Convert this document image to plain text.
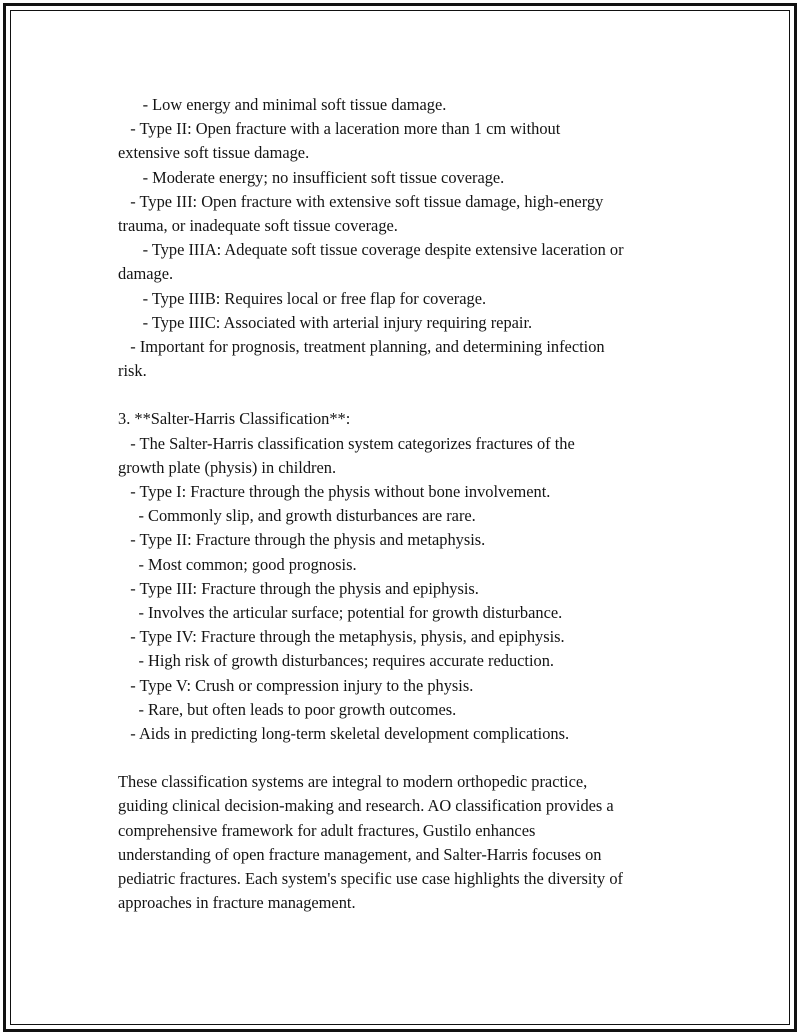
- Low energy and minimal soft tissue damage.
- Type II: Open fracture with a laceration more than 1 cm without
extensive soft tissue damage.
- Moderate energy; no insufficient soft tissue coverage.
- Type III: Open fracture with extensive soft tissue damage, high-energy
trauma, or inadequate soft tissue coverage.
- Type IIIA: Adequate soft tissue coverage despite extensive laceration or
damage.
- Type IIIB: Requires local or free flap for coverage.
- Type IIIC: Associated with arterial injury requiring repair.
- Important for prognosis, treatment planning, and determining infection
risk.
3. **Salter-Harris Classification**:
- The Salter-Harris classification system categorizes fractures of the
growth plate (physis) in children.
- Type I: Fracture through the physis without bone involvement.
- Commonly slip, and growth disturbances are rare.
- Type II: Fracture through the physis and metaphysis.
- Most common; good prognosis.
- Type III: Fracture through the physis and epiphysis.
- Involves the articular surface; potential for growth disturbance.
- Type IV: Fracture through the metaphysis, physis, and epiphysis.
- High risk of growth disturbances; requires accurate reduction.
- Type V: Crush or compression injury to the physis.
- Rare, but often leads to poor growth outcomes.
- Aids in predicting long-term skeletal development complications.
These classification systems are integral to modern orthopedic practice,
guiding clinical decision-making and research. AO classification provides a
comprehensive framework for adult fractures, Gustilo enhances
understanding of open fracture management, and Salter-Harris focuses on
pediatric fractures. Each system's specific use case highlights the diversity of
approaches in fracture management.
